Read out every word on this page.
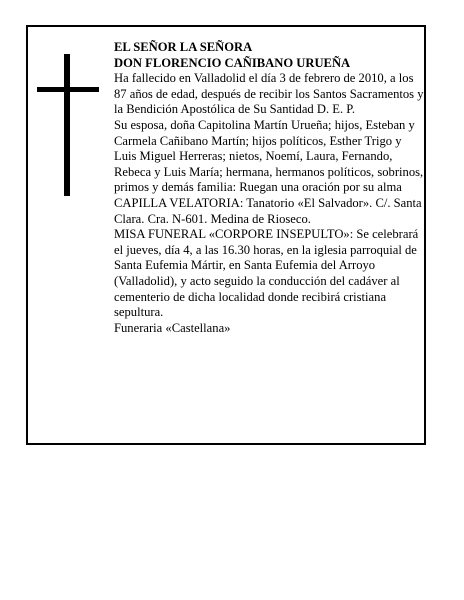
EL SEÑOR LA SEÑORA

DON FLORENCIO CAÑIBANO URUEÑA

Ha fallecido en Valladolid el día 3 de febrero de 2010, a los 87 años de edad, después de recibir los Santos Sacramentos y la Bendición Apostólica de Su Santidad D. E. P.

Su esposa, doña Capitolina Martín Urueña; hijos, Esteban y Carmela Cañibano Martín; hijos políticos, Esther Trigo y Luis Miguel Herreras; nietos, Noemí, Laura, Fernando, Rebeca y Luis María; hermana, hermanos políticos, sobrinos, primos y demás familia: Ruegan una oración por su alma

CAPILLA VELATORIA: Tanatorio «El Salvador». C/. Santa Clara. Cra. N-601. Medina de Rioseco.

MISA FUNERAL «CORPORE INSEPULTO»: Se celebrará el jueves, día 4, a las 16.30 horas, en la iglesia parroquial de Santa Eufemia Mártir, en Santa Eufemia del Arroyo (Valladolid), y acto seguido la conducción del cadáver al cementerio de dicha localidad donde recibirá cristiana sepultura.

Funeraria «Castellana»
